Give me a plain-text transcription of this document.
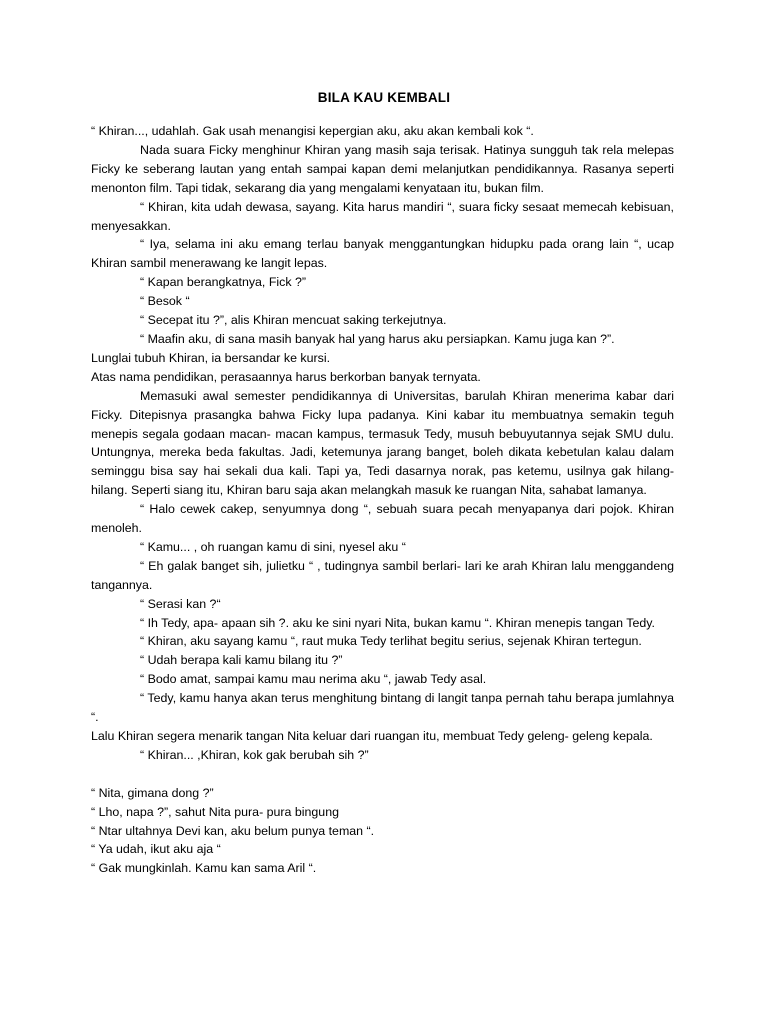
BILA KAU KEMBALI

“ Khiran..., udahlah. Gak usah menangisi kepergian aku, aku akan kembali kok “.

Nada suara Ficky menghinur Khiran yang masih saja terisak. Hatinya sungguh tak rela melepas Ficky ke seberang lautan yang entah sampai kapan demi melanjutkan pendidikannya. Rasanya seperti menonton film. Tapi tidak, sekarang dia yang mengalami kenyataan itu, bukan film.

“ Khiran, kita udah dewasa, sayang. Kita harus mandiri “, suara ficky sesaat memecah kebisuan, menyesakkan.

“ Iya, selama ini aku emang terlau banyak menggantungkan hidupku pada orang lain “, ucap Khiran sambil menerawang ke langit lepas.

“ Kapan berangkatnya, Fick ?”

“ Besok “

“ Secepat itu ?”, alis Khiran mencuat saking terkejutnya.

“ Maafin aku, di sana masih banyak hal yang harus aku persiapkan. Kamu juga kan ?”.

Lunglai tubuh Khiran, ia bersandar ke kursi.

Atas nama pendidikan, perasaannya harus berkorban banyak ternyata.

Memasuki awal semester pendidikannya di Universitas, barulah Khiran menerima kabar dari Ficky. Ditepisnya prasangka bahwa Ficky lupa padanya. Kini kabar itu membuatnya semakin teguh menepis segala godaan macan- macan kampus, termasuk Tedy, musuh bebuyutannya sejak SMU dulu. Untungnya, mereka beda fakultas. Jadi, ketemunya jarang banget, boleh dikata kebetulan kalau dalam seminggu bisa say hai sekali dua kali. Tapi ya, Tedi dasarnya norak, pas ketemu, usilnya gak hilang- hilang. Seperti siang itu, Khiran baru saja akan melangkah masuk ke ruangan Nita, sahabat lamanya.

“ Halo cewek cakep, senyumnya dong “, sebuah suara pecah menyapanya dari pojok. Khiran menoleh.

“ Kamu... , oh ruangan kamu di sini, nyesel aku “

“ Eh galak banget sih, julietku “ , tudingnya sambil berlari- lari ke arah Khiran lalu menggandeng tangannya.

“ Serasi kan ?“

“ Ih Tedy, apa- apaan sih ?. aku ke sini nyari Nita, bukan kamu “. Khiran menepis tangan Tedy.

“ Khiran, aku sayang kamu “, raut muka Tedy terlihat begitu serius, sejenak Khiran tertegun.

“ Udah berapa kali kamu bilang itu ?”

“ Bodo amat, sampai kamu mau nerima aku “, jawab Tedy asal.

“ Tedy, kamu hanya akan terus menghitung bintang di langit tanpa pernah tahu berapa jumlahnya “.

Lalu Khiran segera menarik tangan Nita keluar dari ruangan itu, membuat Tedy geleng- geleng kepala.

“ Khiran... ,Khiran, kok gak berubah sih ?”

“ Nita, gimana dong ?”

“ Lho, napa ?”, sahut Nita pura- pura bingung

“ Ntar ultahnya Devi kan, aku belum punya teman “.

“ Ya udah, ikut aku aja “

“ Gak mungkinlah. Kamu kan sama Aril “.
